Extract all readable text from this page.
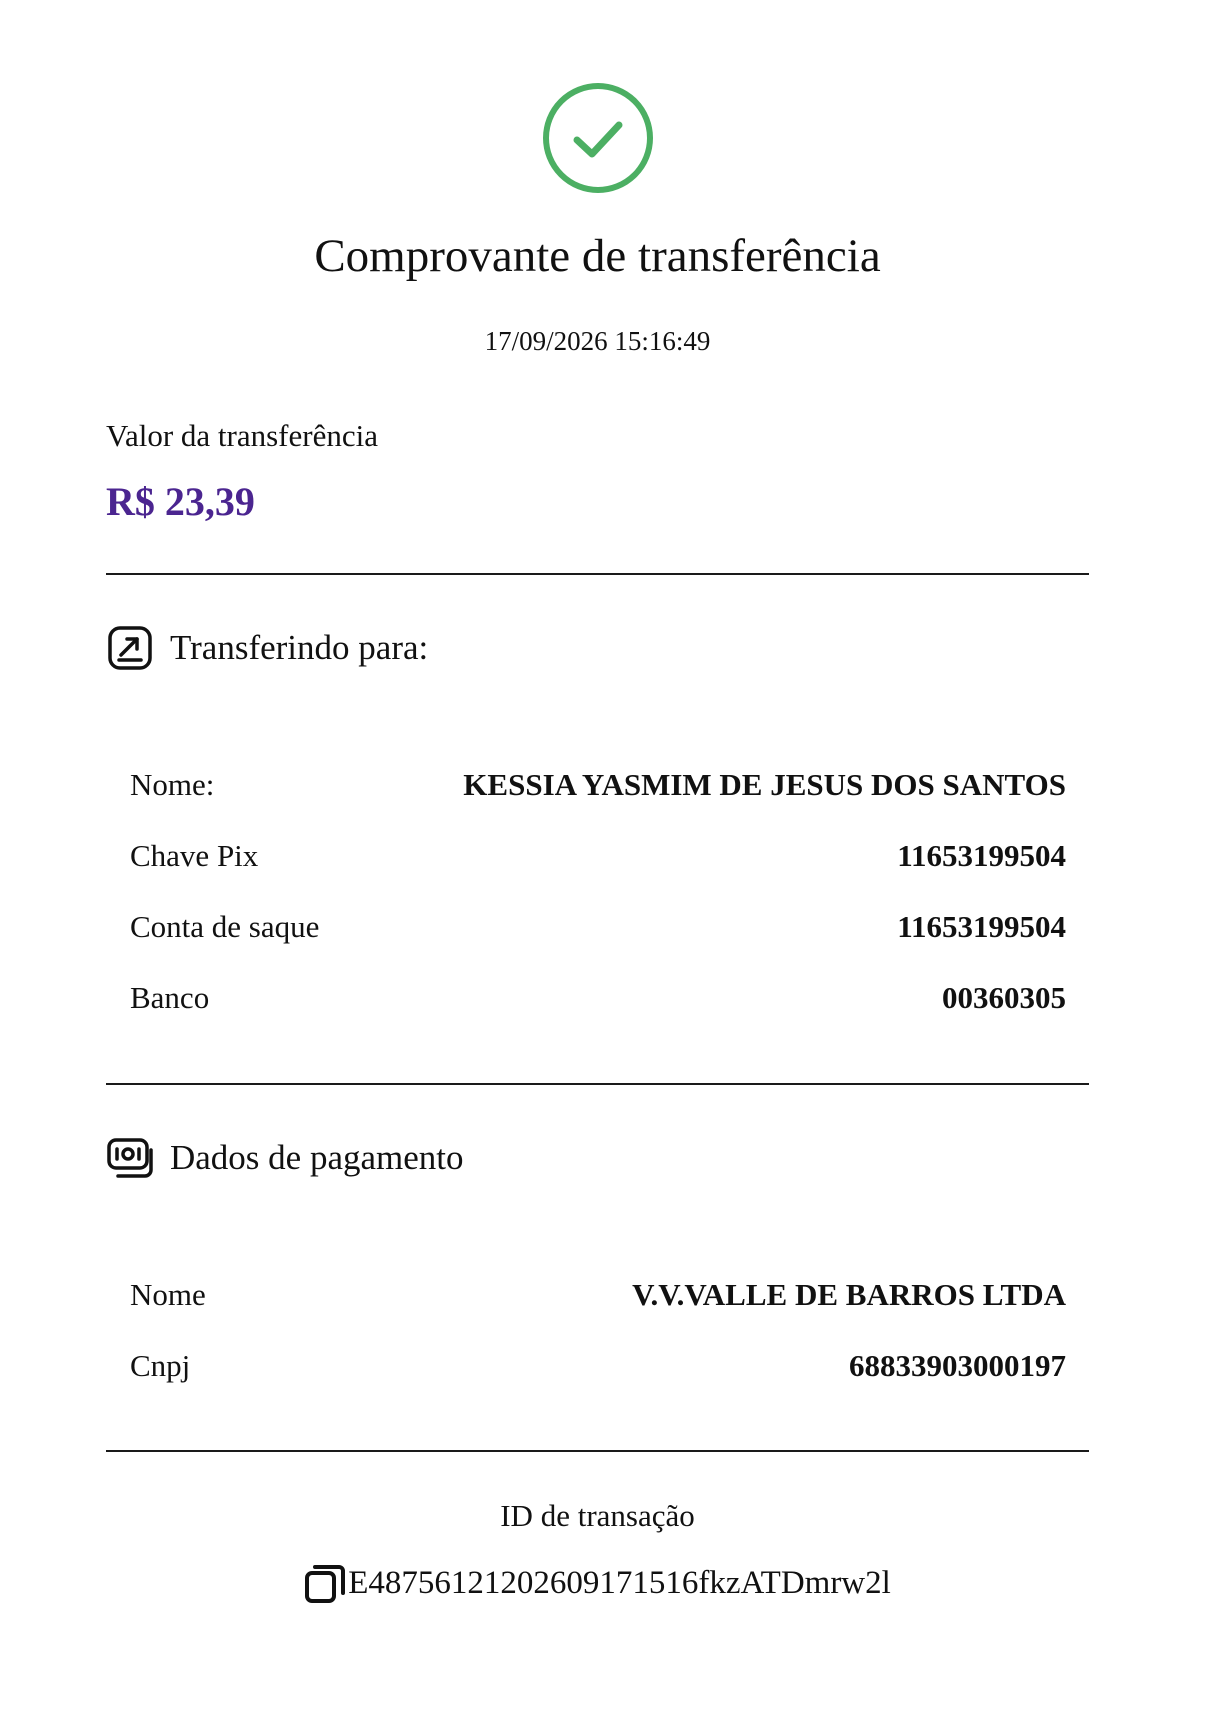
Comprovante de transferência
17/09/2026 15:16:49
Valor da transferência
R$ 23,39
Transferindo para:
Nome:	KESSIA YASMIM DE JESUS DOS SANTOS
Chave Pix	11653199504
Conta de saque	11653199504
Banco	00360305
Dados de pagamento
Nome	V.V.VALLE DE BARROS LTDA
Cnpj	68833903000197
ID de transação
E48756121202609171516fkzATDmrw2l
